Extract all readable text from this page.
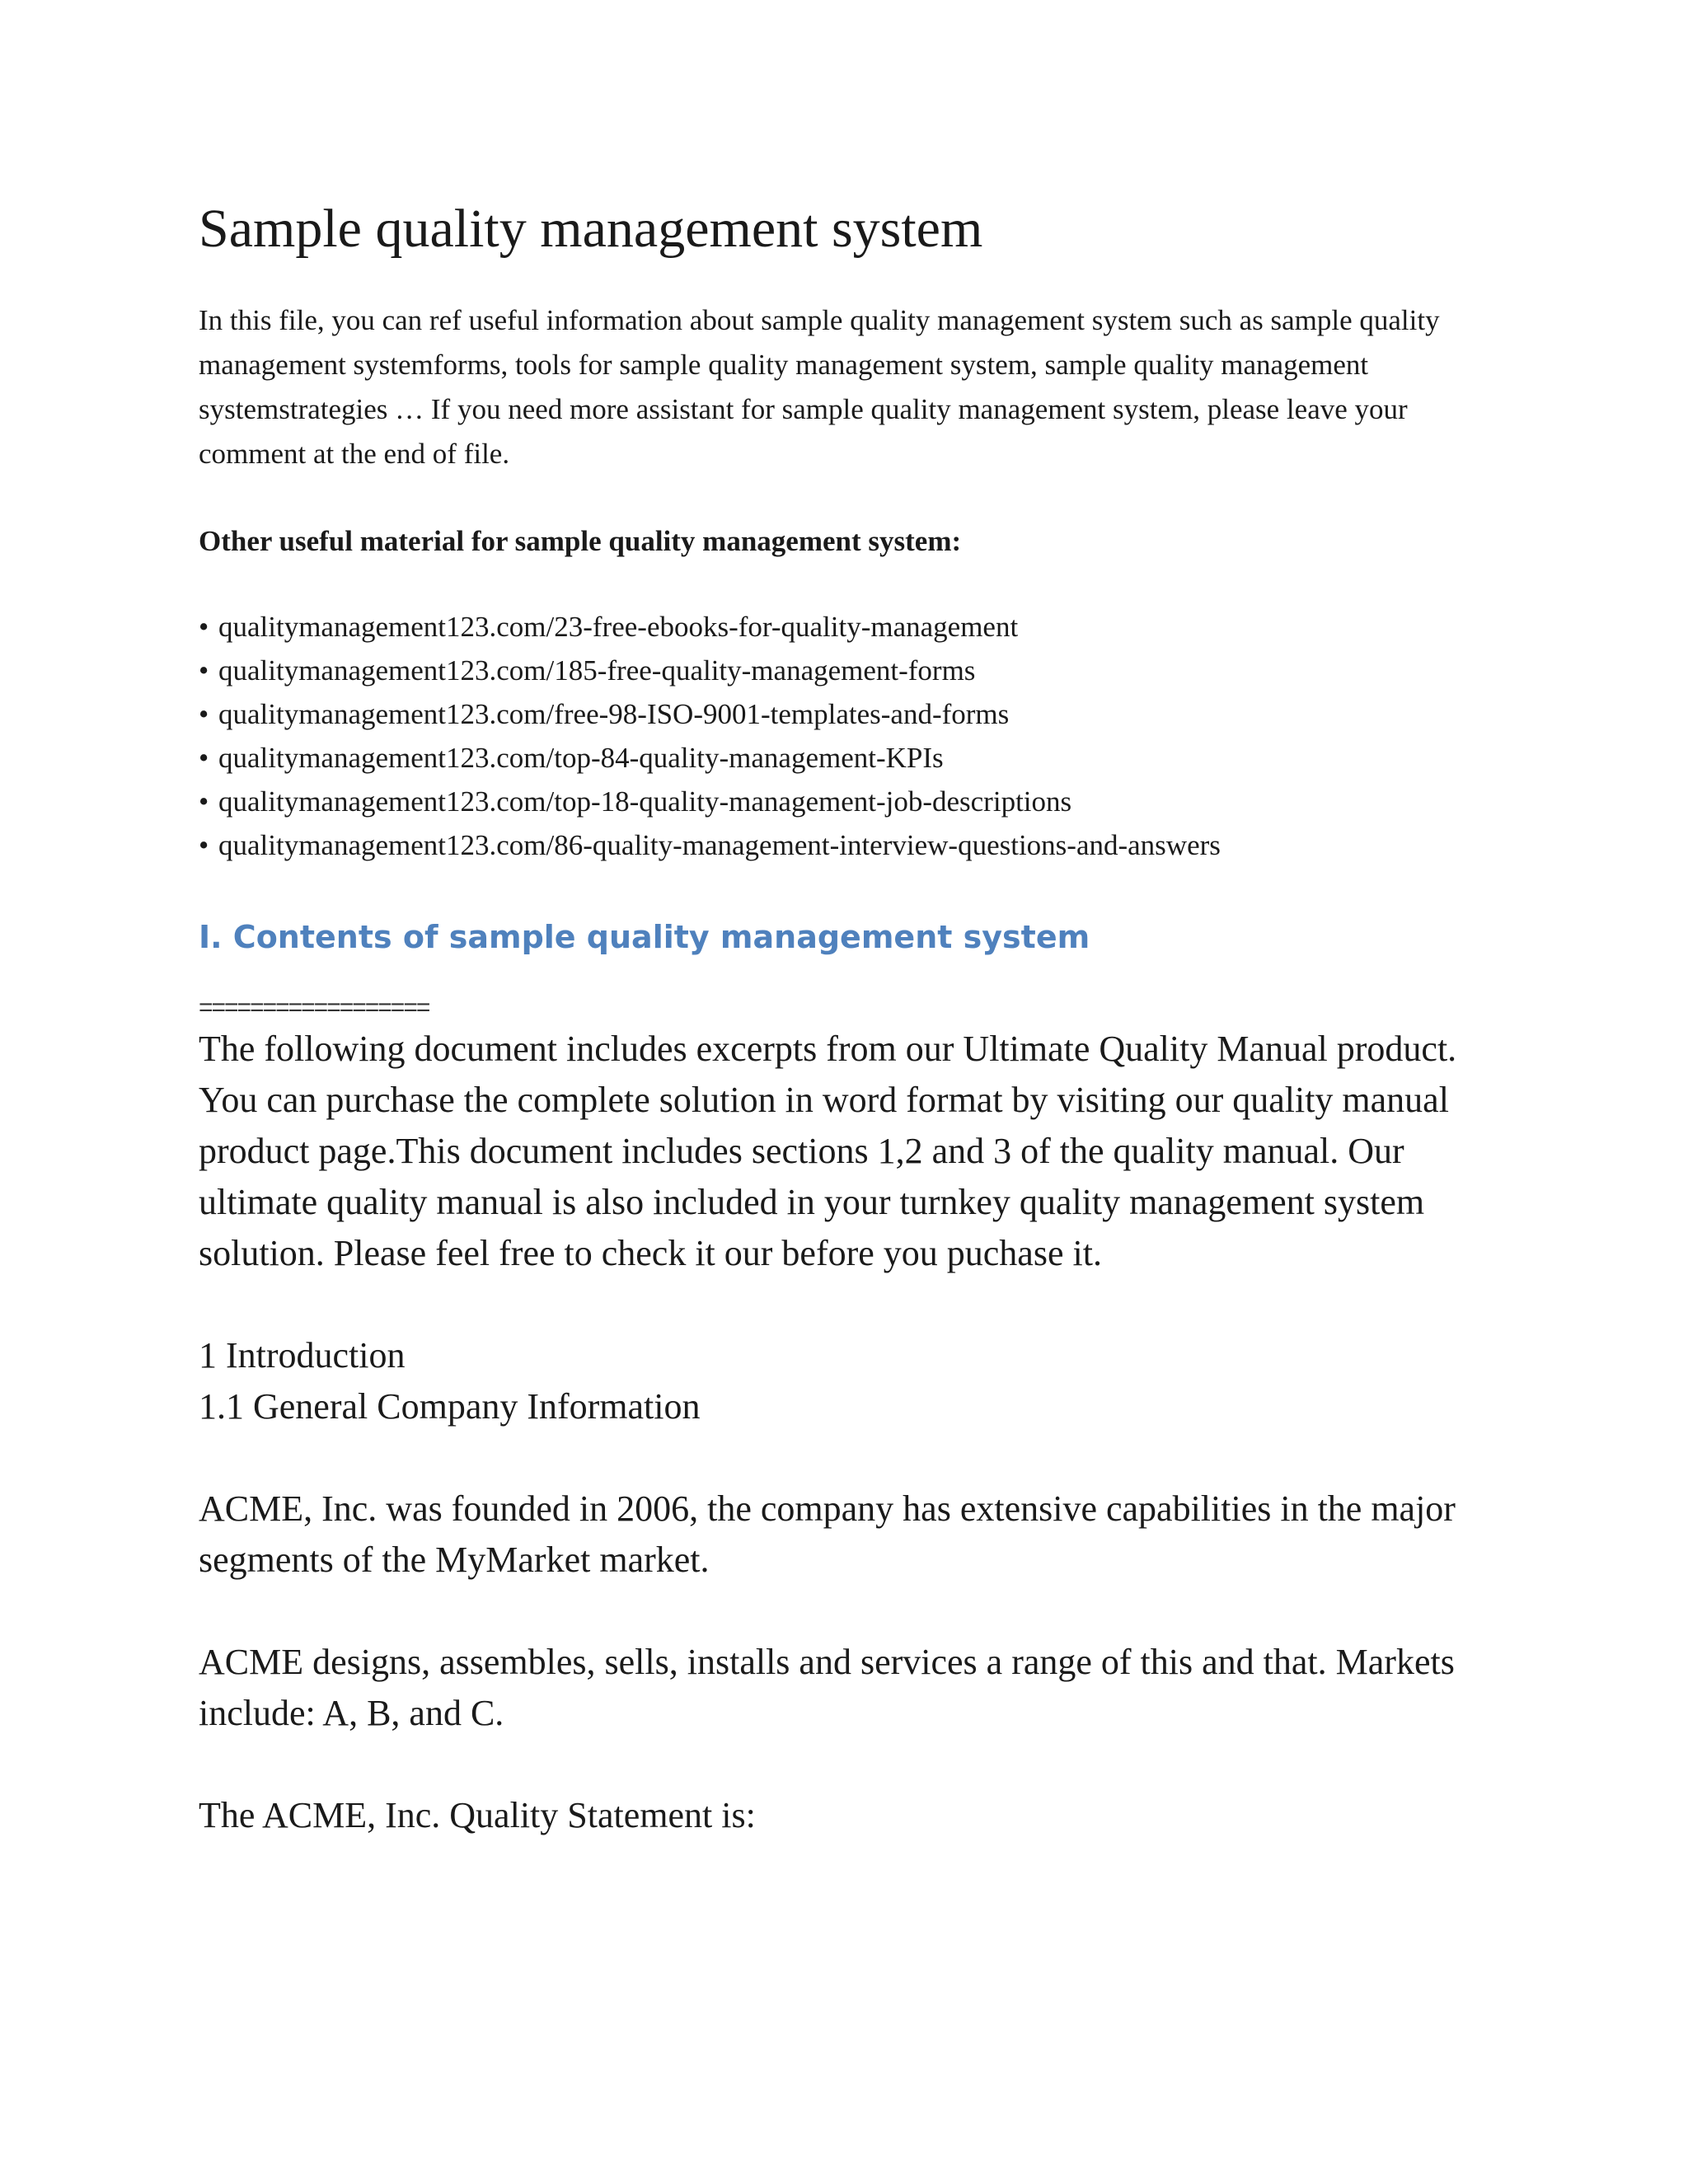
Sample quality management system

In this file, you can ref useful information about sample quality management system such as sample quality management systemforms, tools for sample quality management system, sample quality management systemstrategies … If you need more assistant for sample quality management system, please leave your comment at the end of file.

Other useful material for sample quality management system:
• qualitymanagement123.com/23-free-ebooks-for-quality-management
• qualitymanagement123.com/185-free-quality-management-forms
• qualitymanagement123.com/free-98-ISO-9001-templates-and-forms
• qualitymanagement123.com/top-84-quality-management-KPIs
• qualitymanagement123.com/top-18-quality-management-job-descriptions
• qualitymanagement123.com/86-quality-management-interview-questions-and-answers
I. Contents of sample quality management system
==================

The following document includes excerpts from our Ultimate Quality Manual product. You can purchase the complete solution in word format by visiting our quality manual product page.This document includes sections 1,2 and 3 of the quality manual. Our ultimate quality manual is also included in your turnkey quality management system solution. Please feel free to check it our before you puchase it.

1 Introduction
1.1 General Company Information

ACME, Inc. was founded in 2006, the company has extensive capabilities in the major segments of the MyMarket market.

ACME designs, assembles, sells, installs and services a range of this and that. Markets include: A, B, and C.

The ACME, Inc. Quality Statement is:
